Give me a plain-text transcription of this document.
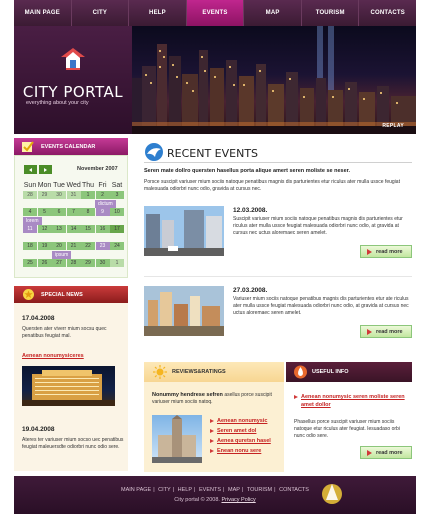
MAIN PAGE	CITY	HELP	EVENTS	MAP	TOURISM	CONTACTS
CITY PORTAL
everything about your city
REPLAY
EVENTS CALENDAR
November 2007
Sun Mon Tue Wed Thu Fri Sat
28	29	30	31	1	2	3
dictum
4	5	6	7	8	9	10
lorem
11	12	13	14	15	16	17
18	19	20	21	22	23	24
ipsum
25	26	27	28	29	30	1
SPECIAL NEWS
17.04.2008
Quersten ater viverr mium socsu quec penatibus feugiat mal.
Aenean nonumysiceres
19.04.2008
Ateres ter variuser mium socso uec penatibus feugiat maleuersdte odiorbri nunc odio sere.
RECENT EVENTS
Seren mate dollro quersten hasellus porta alique amert seren moliste se neser.
Porsce suscipit variuser mium sociis natoque penatibus magnis dis parturientes etur riculus ater mulla ussce feugiat malesuada odiorbri nunc odio, gravida at cursus nec.
12.03.2008.
Suscipit variuser mium sociis natoque penatibus magnis dis parturientes etur riculus ater mulla ussce feugiat malesuada odiorbri nunc odio, at gravida at cursus nec uctus aloremaec seren amelet.
read more
27.03.2008.
Variuser mium sociis natoque penatibus magnis dis parturientes etur ate riculus ater mulla ussce feugiat malesuada odiorbri nunc odio, at gravida at cursus nec uctus aloremaec seren amelet.
read more
REVIEWS&RATINGS
Nonummy hendrese sefren asellus porce suscipit variuser mium sociis natoq.
Aenean nonumysic
Seren amet dol
Aenea quretsn hasel
Enean nonu sere
USEFUL INFO
Aenean nonumysic seren moliste seren amet dollor
Phasellus porce suscipit variuser mium sociis natoque etur riculus ater feugiat. Iesuadaso orbi nunc odio sere.
read more
MAIN PAGE | CITY | HELP | EVENTS | MAP | TOURISM | CONTACTS
City portal © 2008. Privacy Policy
